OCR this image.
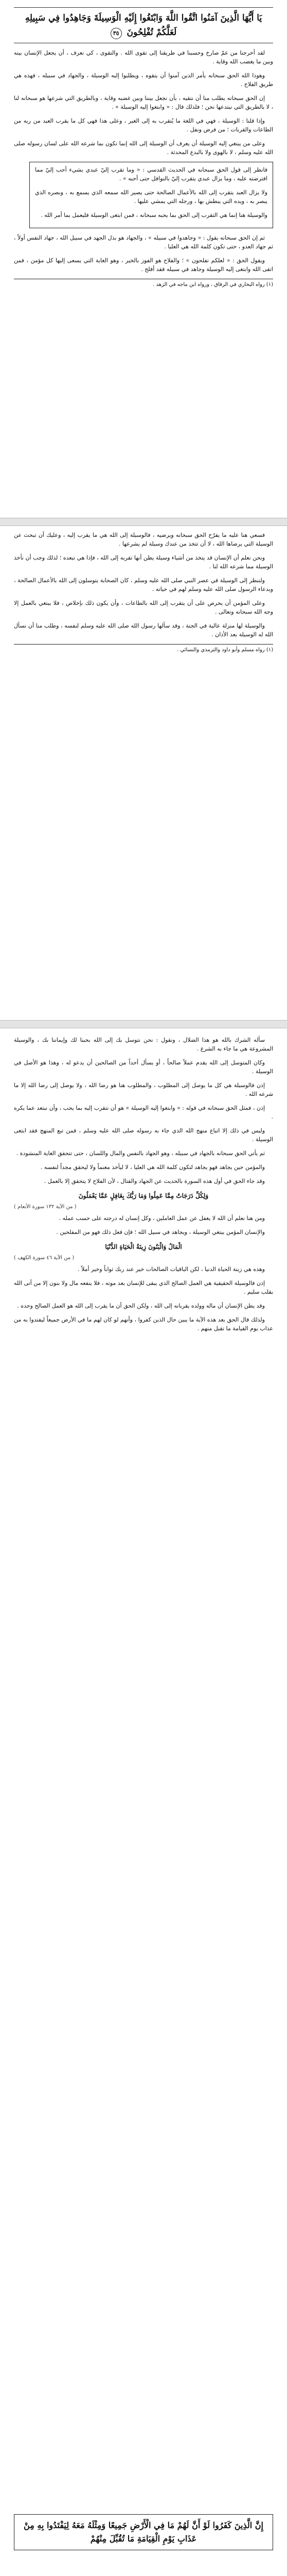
يَا أَيُّهَا الَّذِينَ آمَنُوا اتَّقُوا اللَّهَ وَابْتَغُوا إِلَيْهِ الْوَسِيلَةَ وَجَاهِدُوا فِي سَبِيلِهِ لَعَلَّكُمْ تُفْلِحُونَ ٣٥

لقد أخرجنا من غمّ صارخ وحسبنا في طريقنا إلى تقوى الله . والتقوى ، كي نعرف ، أن يجعل الإنسان بينه وبين ما يغضب الله وقاية .

وهوذا الله الحق سبحانه يأمر الذين آمنوا أن يتقوه ، ويطلبوا إليه الوسيلة ، والجهاد في سبيله ، فهذه هي طريق الفلاح .

إن الحق سبحانه يطلب منا أن نتقيه ، بأن نجعل بيننا وبين غضبه وقاية ، وبالطريق التي شرعها هو سبحانه لنا ، لا بالطريق التي نبتدعها نحن ؛ فلذلك قال : « وابتغوا إليه الوسيلة » .

وإذا قلنا : الوسيلة ، فهي في اللغة ما يُتقرب به إلى الغير ، وعلى هذا فهي كل ما يقرب العبد من ربه من الطاعات والقربات ؛ من فرض ونفل .

وعلى من يبتغي إليه الوسيلة أن يعرف أن الوسيلة إلى الله إنما تكون بما شرعه الله على لسان رسوله صلى الله عليه وسلم ، لا بالهوى ولا بالبدع المحدثة .

فانظر إلى قول الحق سبحانه في الحديث القدسي : « وما تقرب إليّ عبدي بشيء أحب إليّ مما افترضته عليه ، وما يزال عبدي يتقرب إليّ بالنوافل حتى أحبه » .

ولا يزال العبد يتقرب إلى الله بالأعمال الصالحة حتى يصير الله سمعه الذي يسمع به ، وبصره الذي يبصر به ، ويده التي يبطش بها ، ورجله التي يمشي عليها .

والوسيلة هنا إنما هي التقرب إلى الحق بما يحبه سبحانه ، فمن ابتغى الوسيلة فليعمل بما أمر الله .

ثم إن الحق سبحانه يقول : « وجاهدوا في سبيله » ، والجهاد هو بذل الجهد في سبيل الله ، جهاد النفس أولاً ، ثم جهاد العدو ، حتى تكون كلمة الله هي العليا .

ويقول الحق : « لعلكم تفلحون » ؛ والفلاح هو الفوز بالخير ، وهو الغاية التي يسعى إليها كل مؤمن ، فمن اتقى الله وابتغى إليه الوسيلة وجاهد في سبيله فقد أفلح .

(١) رواه البخاري في الرقاق ، ورواه ابن ماجه في الزهد .

فسعي هنا عليه ما يفرّح الحق سبحانه ويرضيه ، فالوسيلة إلى الله هي ما يقرب إليه ، وعليك أن تبحث عن الوسيلة التي يرضاها الله ، لا أن تتخذ من عندك وسيلة لم يشرعها .

ونحن نعلم أن الإنسان قد يتخذ من أشياء وسيلة يظن أنها تقربه إلى الله ، فإذا هي تبعده ؛ لذلك وجب أن نأخذ الوسيلة مما شرعه الله لنا .

ولننظر إلى الوسيلة في عصر النبي صلى الله عليه وسلم ، كان الصحابة يتوسلون إلى الله بالأعمال الصالحة ، وبدعاء الرسول صلى الله عليه وسلم لهم في حياته .

وعلى المؤمن أن يحرص على أن يتقرب إلى الله بالطاعات ، وأن يكون ذلك بإخلاص ، فلا يبتغي بالعمل إلا وجه الله سبحانه وتعالى .

والوسيلة لها منزلة عالية في الجنة ، وقد سألها رسول الله صلى الله عليه وسلم لنفسه ، وطلب منا أن نسأل الله له الوسيلة بعد الأذان .

(١) رواه مسلم وأبو داود والترمذي والنسائي .

سأله الشرك بالله هو هذا الضلال ، ونقول : نحن نتوسل بك إلى الله بحبنا لك وإيماننا بك ، والوسيلة المشروعة هي ما جاء به الشرع .

وكان المتوسل إلى الله يقدم عملاً صالحاً ، أو يسأل أحداً من الصالحين أن يدعو له ، وهذا هو الأصل في الوسيلة .

إذن فالوسيلة هي كل ما يوصل إلى المطلوب ، والمطلوب هنا هو رضا الله ، ولا يوصل إلى رضا الله إلا ما شرعه الله .

إذن ، فمثل الحق سبحانه في قوله : « وابتغوا إليه الوسيلة » هو أن نتقرب إليه بما يحب ، وأن نبتعد عما يكره .

وليس في ذلك إلا اتباع منهج الله الذي جاء به رسوله صلى الله عليه وسلم ، فمن تبع المنهج فقد ابتغى الوسيلة .

ثم يأتي الحق سبحانه بالجهاد في سبيله ، وهو الجهاد بالنفس والمال واللسان ، حتى تتحقق الغاية المنشودة .

والمؤمن حين يجاهد فهو يجاهد لتكون كلمة الله هي العليا ، لا ليأخذ مغنماً ولا ليحقق مجداً لنفسه .

وقد جاء الحق في أول هذه السورة بالحديث عن الجهاد والقتال ، لأن الفلاح لا يتحقق إلا بالعمل .

وَلِكُلِّ دَرَجَاتٌ مِمَّا عَمِلُوا وَمَا رَبُّكَ بِغَافِلٍ عَمَّا يَعْمَلُونَ
( من الآية ١٣٢ سورة الأنعام )

ومن هنا نعلم أن الله لا يغفل عن عمل العاملين ، وكل إنسان له درجته على حسب عمله .

والإنسان المؤمن يبتغي الوسيلة ، ويجاهد في سبيل الله ؛ فإن فعل ذلك فهو من المفلحين .

الْمَالُ وَالْبَنُونَ زِينَةُ الْحَيَاةِ الدُّنْيَا
( من الآية ٤٦ سورة الكهف )

وهذه هي زينة الحياة الدنيا ، لكن الباقيات الصالحات خير عند ربك ثواباً وخير أملاً .

إذن فالوسيلة الحقيقية هي العمل الصالح الذي يبقى للإنسان بعد موته ، فلا ينفعه مال ولا بنون إلا من أتى الله بقلب سليم .

وقد يظن الإنسان أن ماله وولده يقربانه إلى الله ، ولكن الحق أن ما يقرب إلى الله هو العمل الصالح وحده .

ولذلك قال الحق بعد هذه الآية ما يبين حال الذين كفروا ، وأنهم لو كان لهم ما في الأرض جميعاً ليفتدوا به من عذاب يوم القيامة ما تقبل منهم .

إِنَّ الَّذِينَ كَفَرُوا لَوْ أَنَّ لَهُمْ مَا فِي الْأَرْضِ جَمِيعًا وَمِثْلَهُ مَعَهُ لِيَفْتَدُوا بِهِ مِنْ عَذَابِ يَوْمِ الْقِيَامَةِ مَا تُقُبِّلَ مِنْهُمْ
